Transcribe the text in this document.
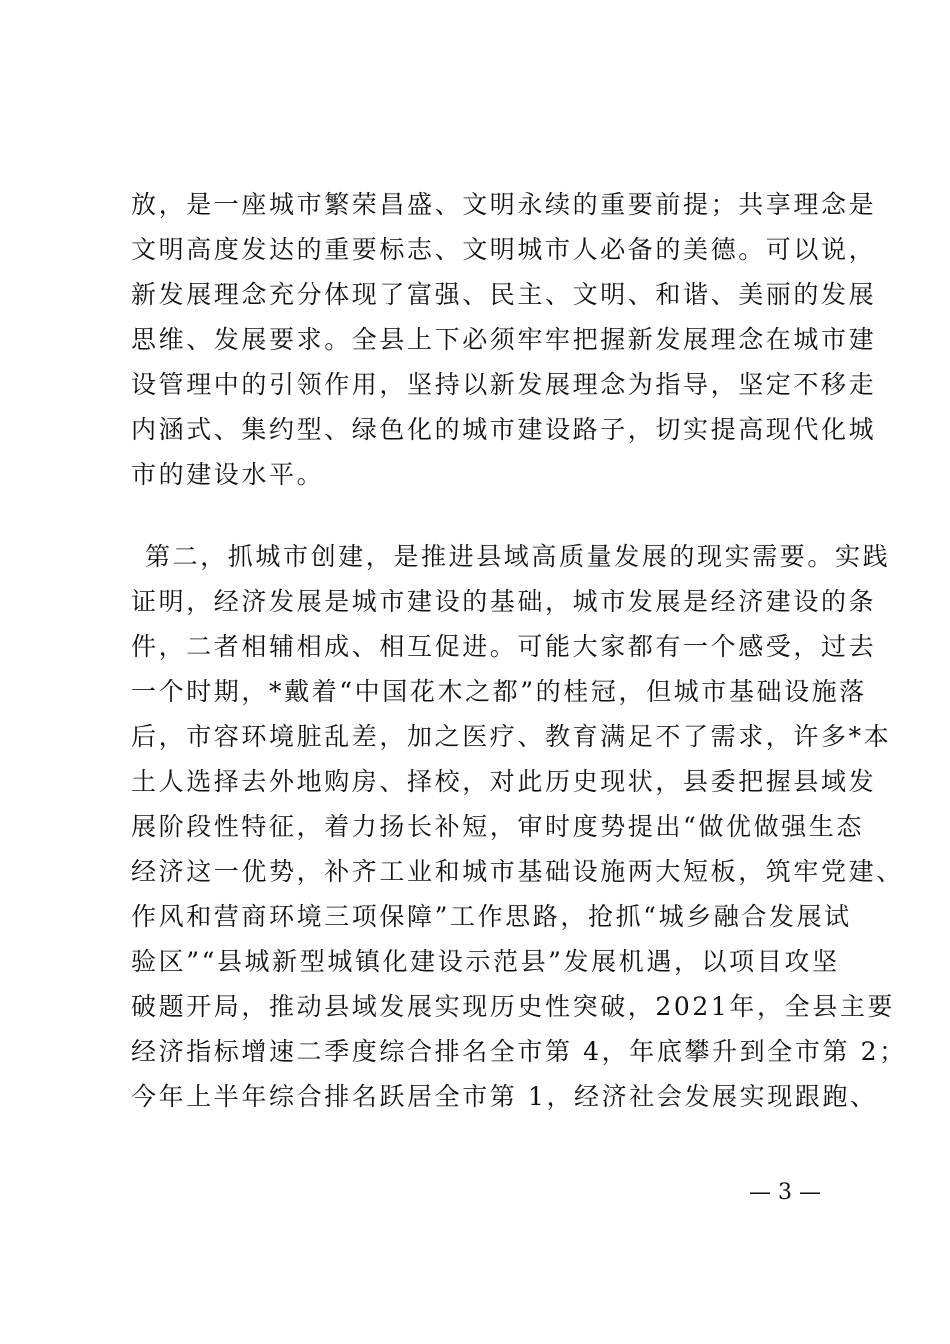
放，是一座城市繁荣昌盛、文明永续的重要前提；共享理念是
文明高度发达的重要标志、文明城市人必备的美德。可以说，
新发展理念充分体现了富强、民主、文明、和谐、美丽的发展
思维、发展要求。全县上下必须牢牢把握新发展理念在城市建
设管理中的引领作用，坚持以新发展理念为指导，坚定不移走
内涵式、集约型、绿色化的城市建设路子，切实提高现代化城
市的建设水平。
第二，抓城市创建，是推进县域高质量发展的现实需要。实践
证明，经济发展是城市建设的基础，城市发展是经济建设的条
件，二者相辅相成、相互促进。可能大家都有一个感受，过去
一个时期，*戴着“中国花木之都”的桂冠，但城市基础设施落
后，市容环境脏乱差，加之医疗、教育满足不了需求，许多*本
土人选择去外地购房、择校，对此历史现状，县委把握县域发
展阶段性特征，着力扬长补短，审时度势提出“做优做强生态
经济这一优势，补齐工业和城市基础设施两大短板，筑牢党建、
作风和营商环境三项保障”工作思路，抢抓“城乡融合发展试
验区”“县城新型城镇化建设示范县”发展机遇，以项目攻坚
破题开局，推动县域发展实现历史性突破，2021年，全县主要
经济指标增速二季度综合排名全市第 4，年底攀升到全市第 2；
今年上半年综合排名跃居全市第 1，经济社会发展实现跟跑、
— 3 —
